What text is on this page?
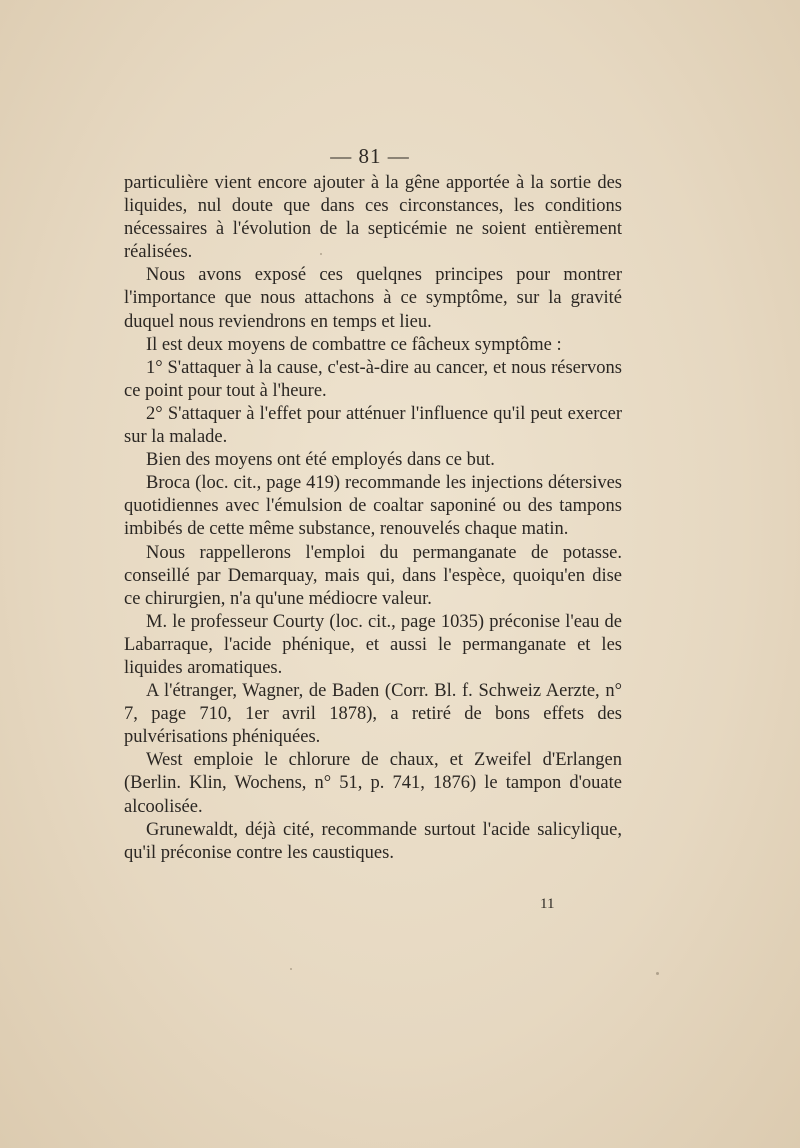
— 81 —

particulière vient encore ajouter à la gêne apportée à la sortie des liquides, nul doute que dans ces circonstances, les conditions nécessaires à l'évolution de la septicémie ne soient entièrement réalisées.

Nous avons exposé ces quelqnes principes pour montrer l'importance que nous attachons à ce symptôme, sur la gravité duquel nous reviendrons en temps et lieu.

Il est deux moyens de combattre ce fâcheux symptôme :

1° S'attaquer à la cause, c'est-à-dire au cancer, et nous réservons ce point pour tout à l'heure.

2° S'attaquer à l'effet pour atténuer l'influence qu'il peut exercer sur la malade.

Bien des moyens ont été employés dans ce but.

Broca (loc. cit., page 419) recommande les injections détersives quotidiennes avec l'émulsion de coaltar saponiné ou des tampons imbibés de cette même substance, renouvelés chaque matin.

Nous rappellerons l'emploi du permanganate de potasse. conseillé par Demarquay, mais qui, dans l'espèce, quoiqu'en dise ce chirurgien, n'a qu'une médiocre valeur.

M. le professeur Courty (loc. cit., page 1035) préconise l'eau de Labarraque, l'acide phénique, et aussi le permanganate et les liquides aromatiques.

A l'étranger, Wagner, de Baden (Corr. Bl. f. Schweiz Aerzte, n° 7, page 710, 1er avril 1878), a retiré de bons effets des pulvérisations phéniquées.

West emploie le chlorure de chaux, et Zweifel d'Erlangen (Berlin. Klin, Wochens, n° 51, p. 741, 1876) le tampon d'ouate alcoolisée.

Grunewaldt, déjà cité, recommande surtout l'acide salicylique, qu'il préconise contre les caustiques.

11
